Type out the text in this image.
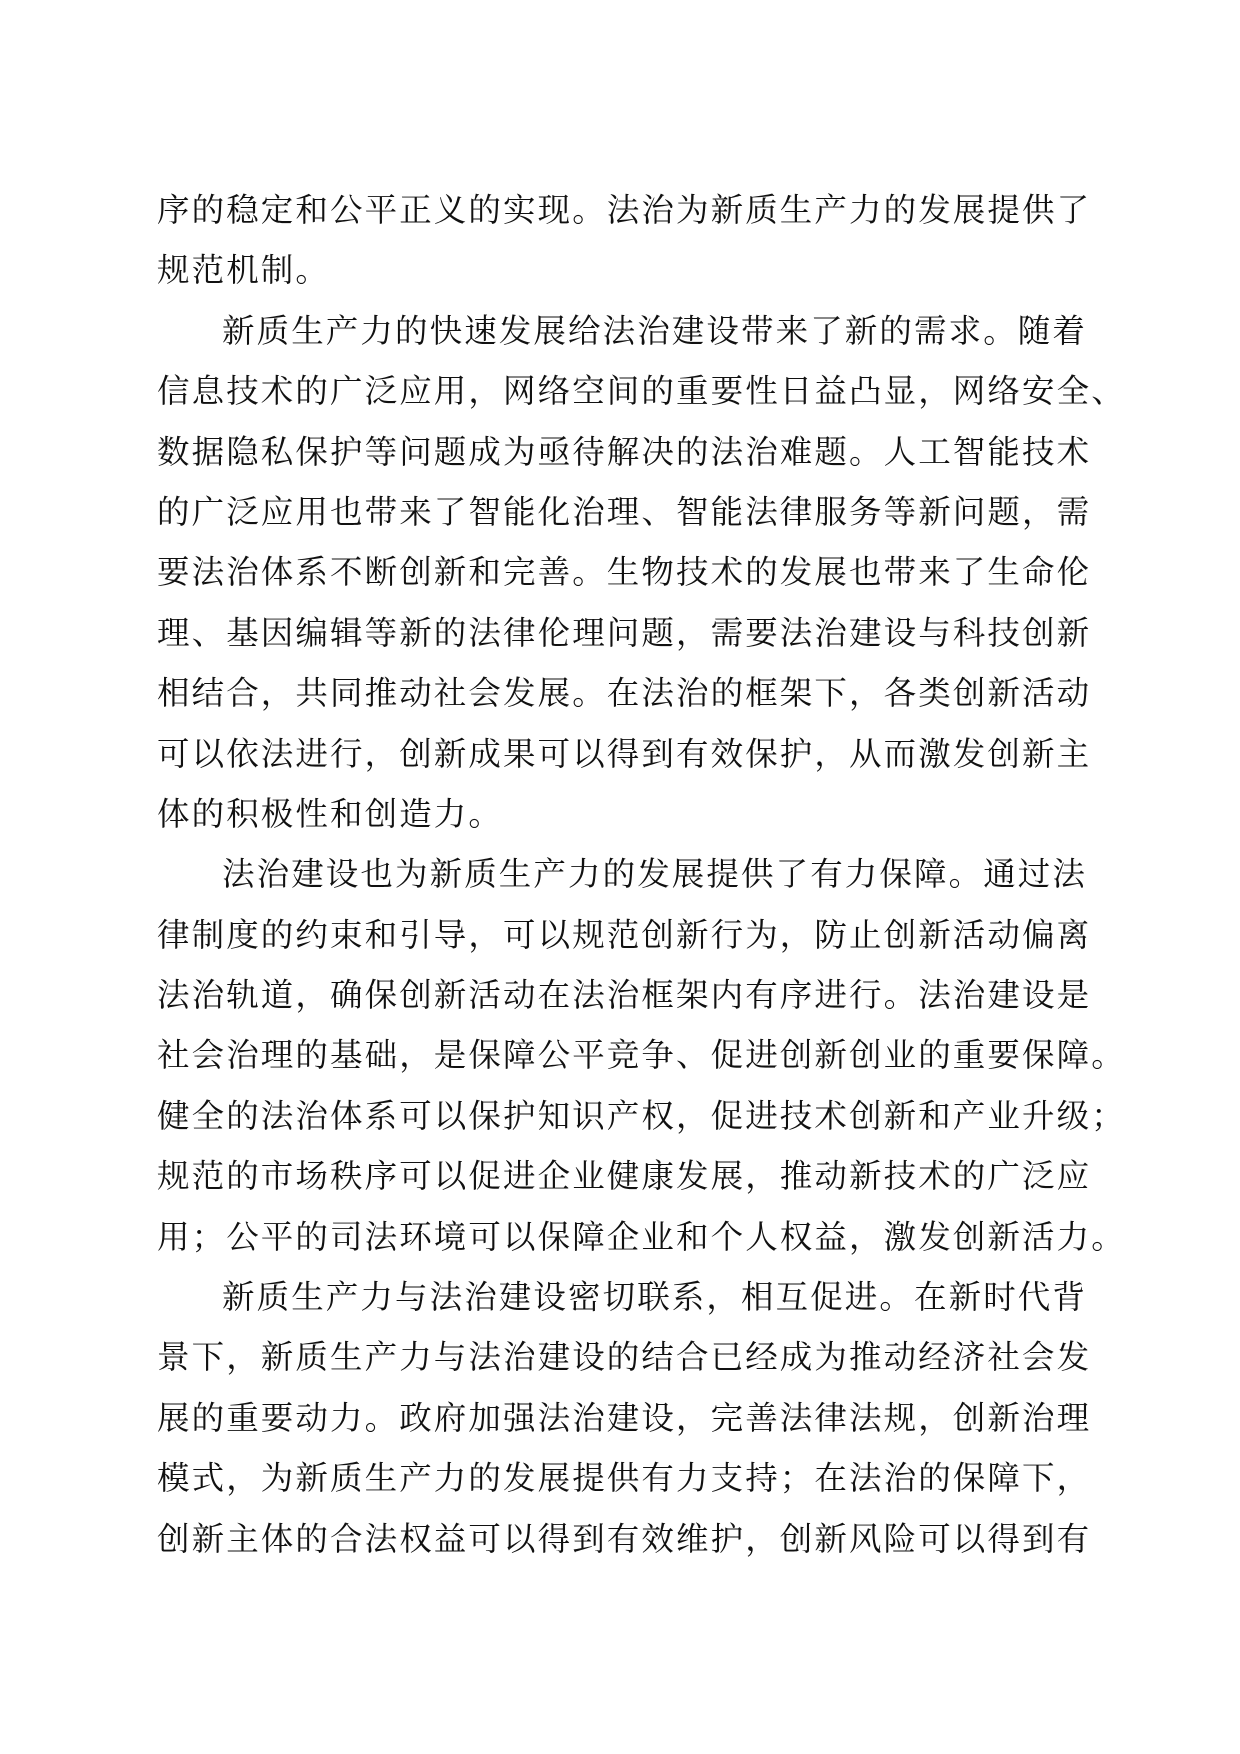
序的稳定和公平正义的实现。法治为新质生产力的发展提供了
规范机制。
新质生产力的快速发展给法治建设带来了新的需求。随着
信息技术的广泛应用，网络空间的重要性日益凸显，网络安全、
数据隐私保护等问题成为亟待解决的法治难题。人工智能技术
的广泛应用也带来了智能化治理、智能法律服务等新问题，需
要法治体系不断创新和完善。生物技术的发展也带来了生命伦
理、基因编辑等新的法律伦理问题，需要法治建设与科技创新
相结合，共同推动社会发展。在法治的框架下，各类创新活动
可以依法进行，创新成果可以得到有效保护，从而激发创新主
体的积极性和创造力。
法治建设也为新质生产力的发展提供了有力保障。通过法
律制度的约束和引导，可以规范创新行为，防止创新活动偏离
法治轨道，确保创新活动在法治框架内有序进行。法治建设是
社会治理的基础，是保障公平竞争、促进创新创业的重要保障。
健全的法治体系可以保护知识产权，促进技术创新和产业升级；
规范的市场秩序可以促进企业健康发展，推动新技术的广泛应
用；公平的司法环境可以保障企业和个人权益，激发创新活力。
新质生产力与法治建设密切联系，相互促进。在新时代背
景下，新质生产力与法治建设的结合已经成为推动经济社会发
展的重要动力。政府加强法治建设，完善法律法规，创新治理
模式，为新质生产力的发展提供有力支持；在法治的保障下，
创新主体的合法权益可以得到有效维护，创新风险可以得到有
